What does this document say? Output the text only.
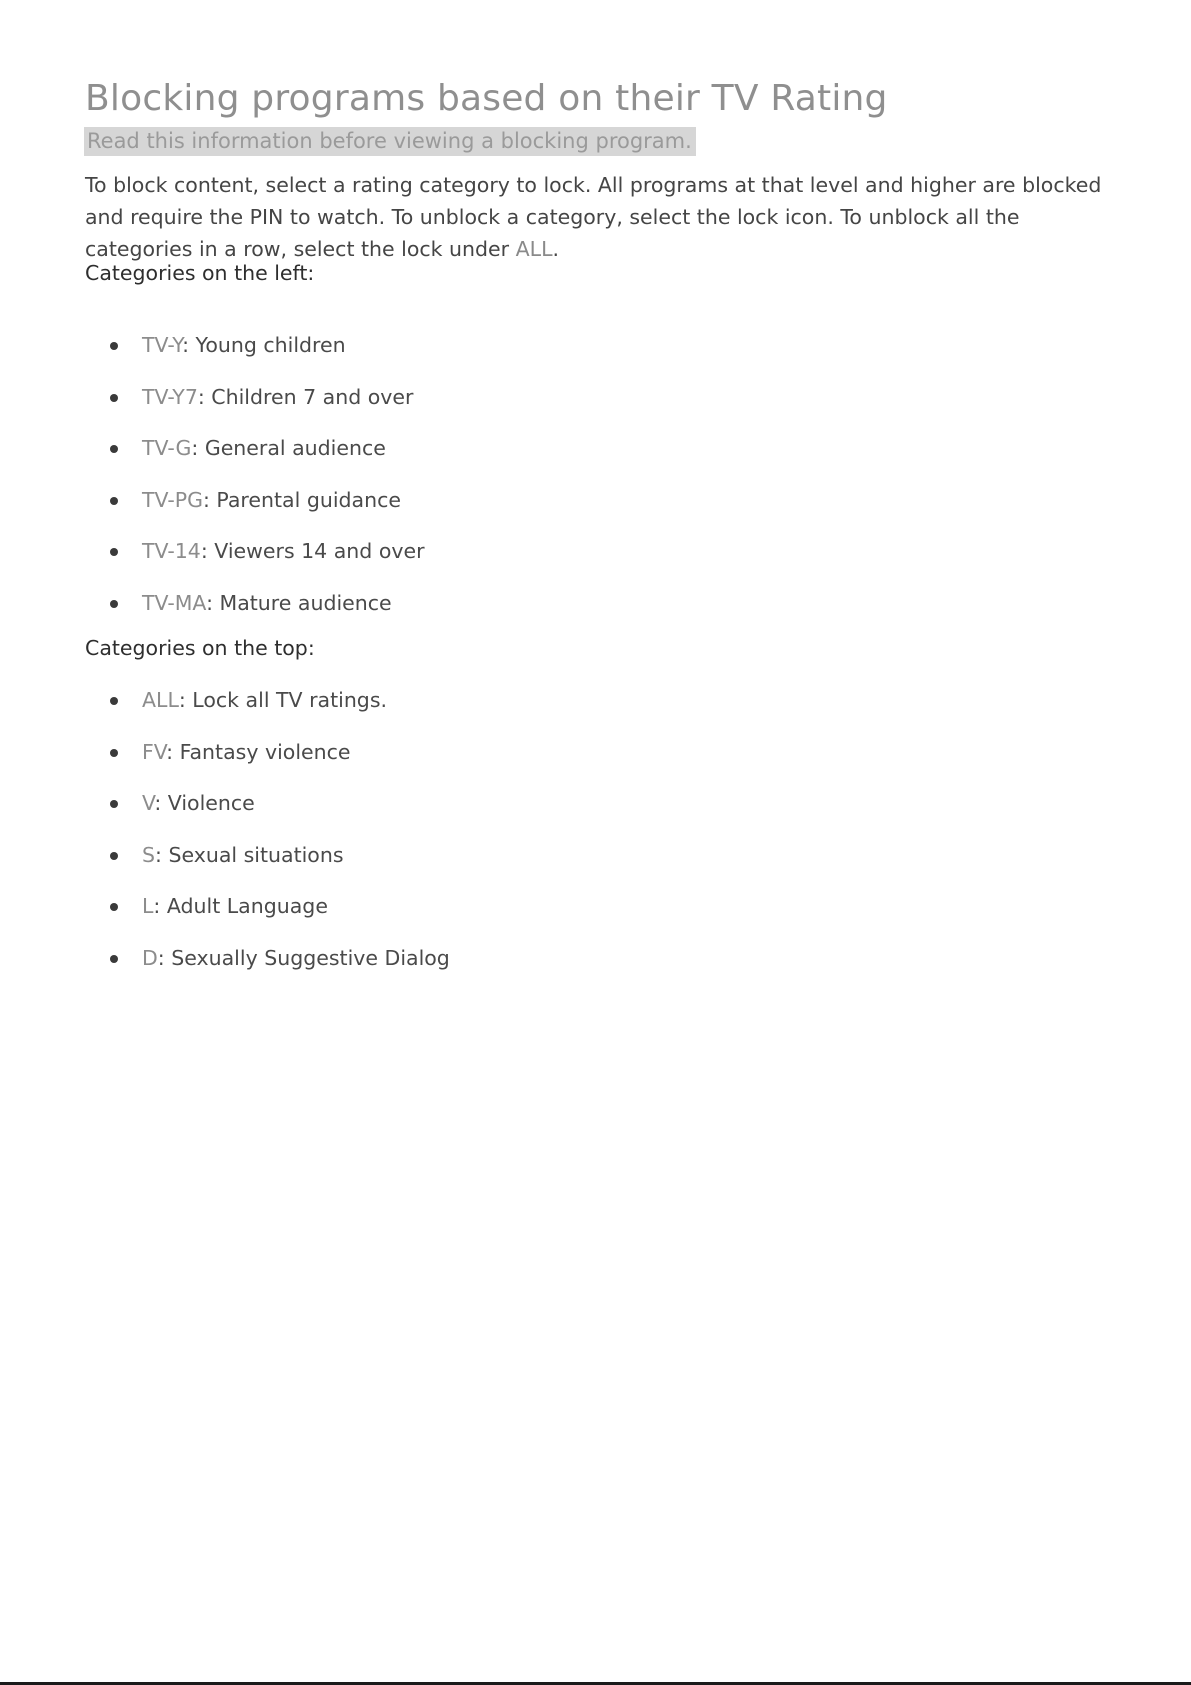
Blocking programs based on their TV Rating
Read this information before viewing a blocking program.

To block content, select a rating category to lock. All programs at that level and higher are blocked and require the PIN to watch. To unblock a category, select the lock icon. To unblock all the categories in a row, select the lock under ALL.

Categories on the left:
TV-Y: Young children
TV-Y7: Children 7 and over
TV-G: General audience
TV-PG: Parental guidance
TV-14: Viewers 14 and over
TV-MA: Mature audience
Categories on the top:
ALL: Lock all TV ratings.
FV: Fantasy violence
V: Violence
S: Sexual situations
L: Adult Language
D: Sexually Suggestive Dialog
